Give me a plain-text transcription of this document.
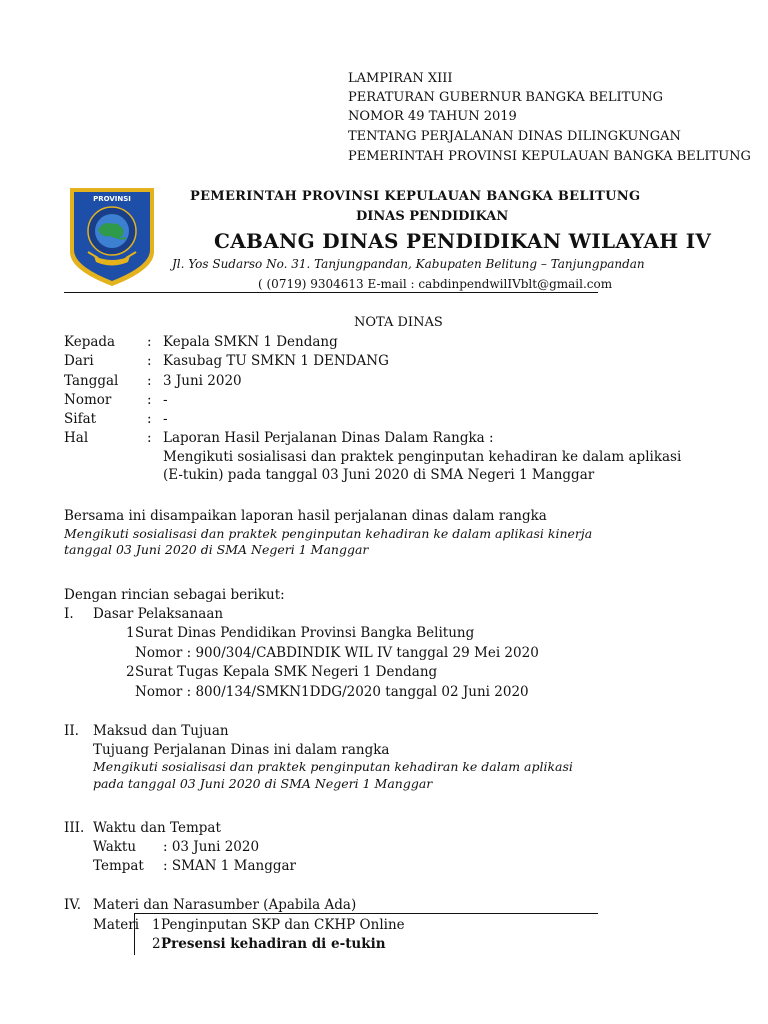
LAMPIRAN XIII
PERATURAN GUBERNUR BANGKA BELITUNG
NOMOR 49 TAHUN 2019
TENTANG PERJALANAN DINAS DILINGKUNGAN
PEMERINTAH PROVINSI KEPULAUAN BANGKA BELITUNG
PROVINSI	PEMERINTAH PROVINSI KEPULAUAN BANGKA BELITUNG
DINAS PENDIDIKAN
CABANG DINAS PENDIDIKAN WILAYAH IV
Jl. Yos Sudarso No. 31. Tanjungpandan, Kabupaten Belitung – Tanjungpandan
( (0719) 9304613 E-mail : cabdinpendwilIVblt@gmail.com
NOTA DINAS
Kepada : Kepala SMKN 1 Dendang
Dari	: Kasubag TU SMKN 1 DENDANG
Tanggal : 3 Juni 2020
Nomor	: -
Sifat	: -
Hal	: Laporan Hasil Perjalanan Dinas Dalam Rangka :
Mengikuti sosialisasi dan praktek penginputan kehadiran ke dalam aplikasi
(E-tukin) pada tanggal 03 Juni 2020 di SMA Negeri 1 Manggar
Bersama ini disampaikan laporan hasil perjalanan dinas dalam rangka
Mengikuti sosialisasi dan praktek penginputan kehadiran ke dalam aplikasi kinerja
tanggal 03 Juni 2020 di SMA Negeri 1 Manggar
Dengan rincian sebagai berikut:
I. Dasar Pelaksanaan
1 Surat Dinas Pendidikan Provinsi Bangka Belitung
Nomor : 900/304/CABDINDIK WIL IV tanggal 29 Mei 2020
2 Surat Tugas Kepala SMK Negeri 1 Dendang
Nomor : 800/134/SMKN1DDG/2020 tanggal 02 Juni 2020
II. Maksud dan Tujuan
Tujuang Perjalanan Dinas ini dalam rangka
Mengikuti sosialisasi dan praktek penginputan kehadiran ke dalam aplikasi
pada tanggal 03 Juni 2020 di SMA Negeri 1 Manggar
III. Waktu dan Tempat
Waktu : 03 Juni 2020
Tempat : SMAN 1 Manggar
IV. Materi dan Narasumber (Apabila Ada)
Materi 1 Penginputan SKP dan CKHP Online
2 Presensi kehadiran di e-tukin
